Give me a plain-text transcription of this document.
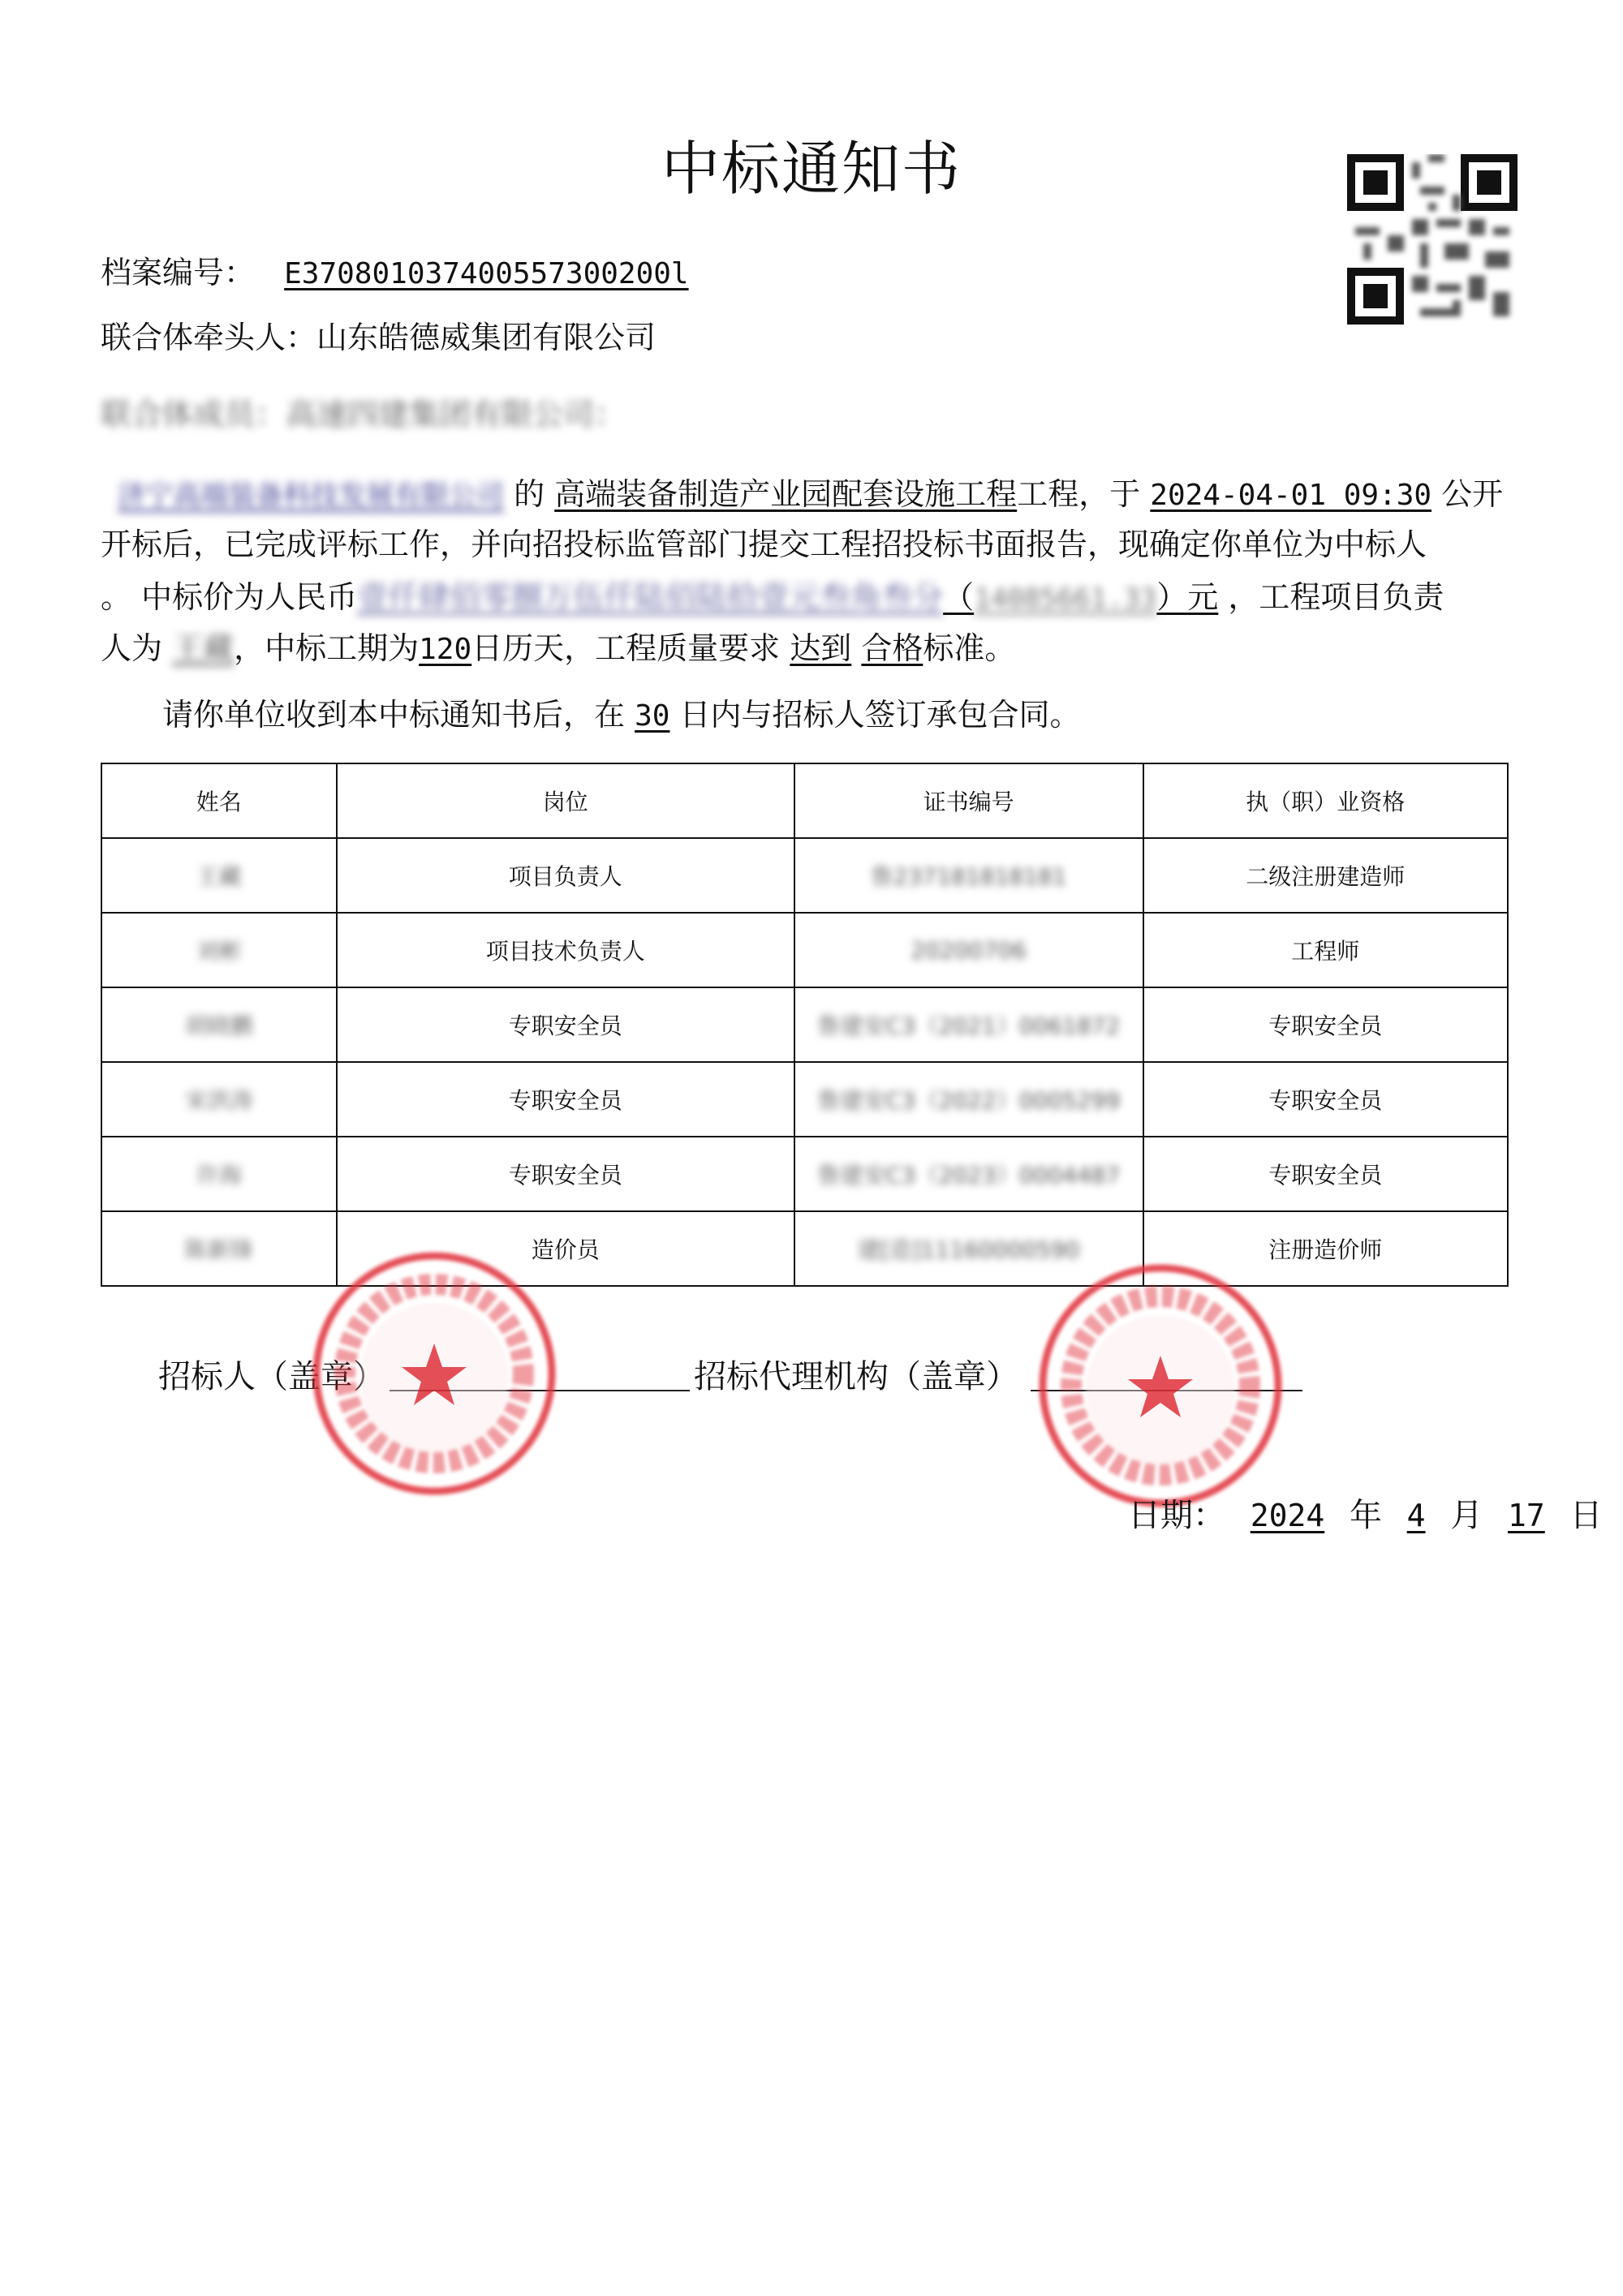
中标通知书
档案编号： E370801037400557300200l
联合体牵头人：山东皓德威集团有限公司
联合体成员：高速四建集团有限公司：
济宁高端装备科技发展有限公司 的 高端装备制造产业园配套设施工程工程，于 2024-04-01 09:30 公开
开标后，已完成评标工作，并向招投标监管部门提交工程招投标书面报告，现确定你单位为中标人
。 中标价为人民币壹仟肆佰零捌万伍仟陆佰陆拾壹元叁角叁分（14085661.33）元 ，工程项目负责
人为 王藏，中标工期为120日历天，工程质量要求 达到 合格标准。
请你单位收到本中标通知书后，在 30 日内与招标人签订承包合同。
姓名	岗位	证书编号	执（职）业资格
王藏	项目负责人	鲁237181818181	二级注册建造师
刘彬	项目技术负责人	20200706	工程师
胡晓鹏	专职安全员	鲁建安C3（2021）0061872	专职安全员
宋洪涛	专职安全员	鲁建安C3（2022）0005299	专职安全员
许海	专职安全员	鲁建安C3（2023）0004487	专职安全员
陈新锋	造价员	建[造]11160000590	注册造价师
招标人（盖章）	招标代理机构（盖章）
日期： 2024 年 4 月 17 日
